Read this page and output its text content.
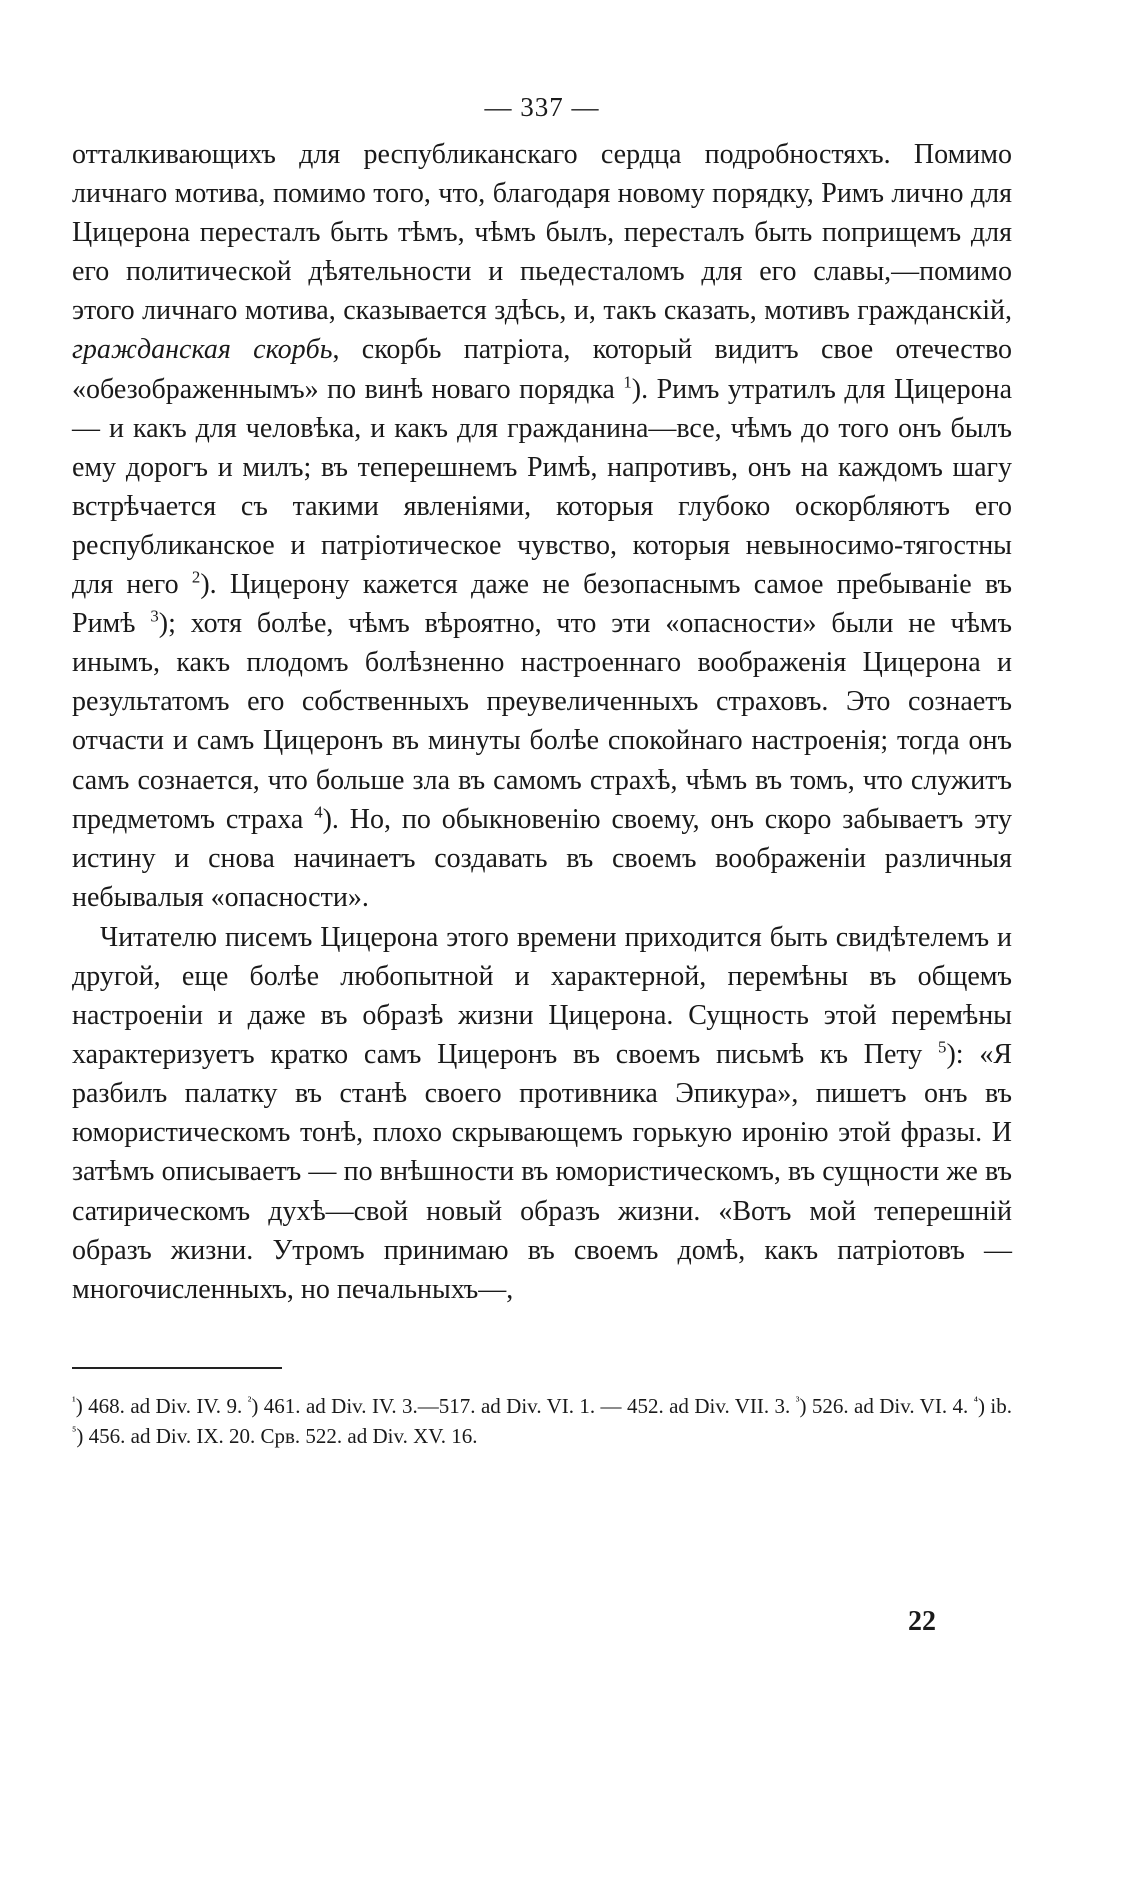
— 337 —

отталкивающихъ для республиканскаго сердца подробностяхъ. Помимо личнаго мотива, помимо того, что, благодаря новому порядку, Римъ лично для Цицерона пересталъ быть тѣмъ, чѣмъ былъ, пересталъ быть поприщемъ для его политической дѣятельности и пьедесталомъ для его славы,—помимо этого личнаго мотива, сказывается здѣсь, и, такъ сказать, мотивъ гражданскій, гражданская скорбь, скорбь патріота, который видитъ свое отечество «обезображеннымъ» по винѣ новаго порядка $^1$). Римъ утратилъ для Цицерона — и какъ для человѣка, и какъ для гражданина—все, чѣмъ до того онъ былъ ему дорогъ и милъ; въ теперешнемъ Римѣ, напротивъ, онъ на каждомъ шагу встрѣчается съ такими явленіями, которыя глубоко оскорбляютъ его республиканское и патріотическое чувство, которыя невыносимо-тягостны для него $^2$). Цицерону кажется даже не безопаснымъ самое пребываніе въ Римѣ $^3$); хотя болѣе, чѣмъ вѣроятно, что эти «опасности» были не чѣмъ инымъ, какъ плодомъ болѣзненно настроеннаго воображенія Цицерона и результатомъ его собственныхъ преувеличенныхъ страховъ. Это сознаетъ отчасти и самъ Цицеронъ въ минуты болѣе спокойнаго настроенія; тогда онъ самъ сознается, что больше зла въ самомъ страхѣ, чѣмъ въ томъ, что служитъ предметомъ страха $^4$). Но, по обыкновенію своему, онъ скоро забываетъ эту истину и снова начинаетъ создавать въ своемъ воображеніи различныя небывалыя «опасности».

Читателю писемъ Цицерона этого времени приходится быть свидѣтелемъ и другой, еще болѣе любопытной и характерной, перемѣны въ общемъ настроеніи и даже въ образѣ жизни Цицерона. Сущность этой перемѣны характеризуетъ кратко самъ Цицеронъ въ своемъ письмѣ къ Пету $^5$): «Я разбилъ палатку въ станѣ своего противника Эпикура», пишетъ онъ въ юмористическомъ тонѣ, плохо скрывающемъ горькую иронію этой фразы. И затѣмъ описываетъ — по внѣшности въ юмористическомъ, въ сущности же въ сатирическомъ духѣ—свой новый образъ жизни. «Вотъ мой теперешній образъ жизни. Утромъ принимаю въ своемъ домѣ, какъ патріотовъ — многочисленныхъ, но печальныхъ—,

$^{^1}$) 468. ad Div. IV. 9. $^{^2}$) 461. ad Div. IV. 3.—517. ad Div. VI. 1. — 452. ad Div. VII. 3. $^{^3}$) 526. ad Div. VI. 4. $^{^4}$) ib. $^{^5}$) 456. ad Div. IX. 20. Срв. 522. ad Div. XV. 16.
22
